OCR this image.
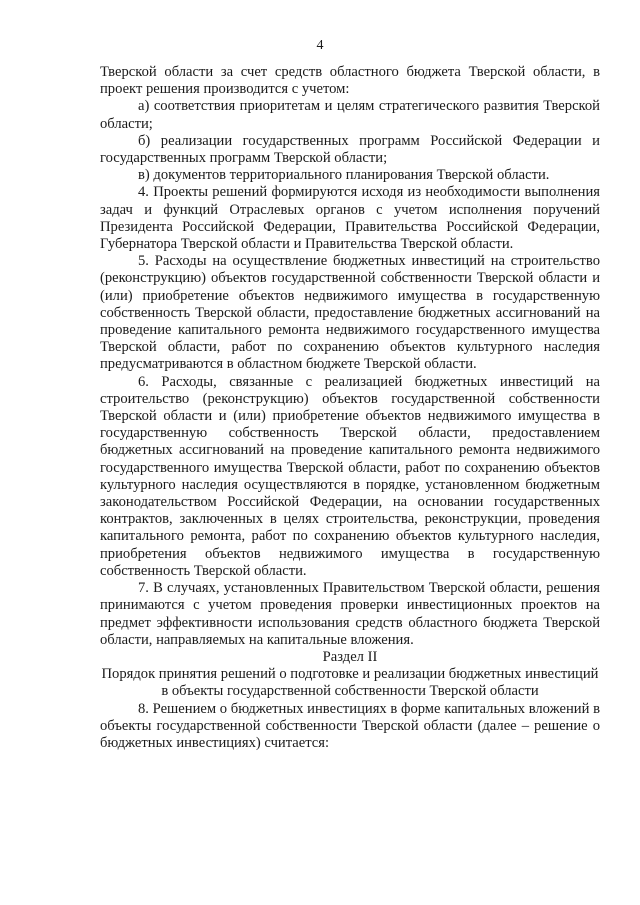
4

Тверской области за счет средств областного бюджета Тверской области, в проект решения производится с учетом:

а) соответствия приоритетам и целям стратегического развития Тверской области;

б) реализации государственных программ Российской Федерации и государственных программ Тверской области;

в) документов территориального планирования Тверской области.

4. Проекты решений формируются исходя из необходимости выполнения задач и функций Отраслевых органов с учетом исполнения поручений Президента Российской Федерации, Правительства Российской Федерации, Губернатора Тверской области и Правительства Тверской области.

5. Расходы на осуществление бюджетных инвестиций на строительство (реконструкцию) объектов государственной собственности Тверской области и (или) приобретение объектов недвижимого имущества в государственную собственность Тверской области, предоставление бюджетных ассигнований на проведение капитального ремонта недвижимого государственного имущества Тверской области, работ по сохранению объектов культурного наследия предусматриваются в областном бюджете Тверской области.

6. Расходы, связанные с реализацией бюджетных инвестиций на строительство (реконструкцию) объектов государственной собственности Тверской области и (или) приобретение объектов недвижимого имущества в государственную собственность Тверской области, предоставлением бюджетных ассигнований на проведение капитального ремонта недвижимого государственного имущества Тверской области, работ по сохранению объектов культурного наследия осуществляются в порядке, установленном бюджетным законодательством Российской Федерации, на основании государственных контрактов, заключенных в целях строительства, реконструкции, проведения капитального ремонта, работ по сохранению объектов культурного наследия, приобретения объектов недвижимого имущества в государственную собственность Тверской области.

7. В случаях, установленных Правительством Тверской области, решения принимаются с учетом проведения проверки инвестиционных проектов на предмет эффективности использования средств областного бюджета Тверской области, направляемых на капитальные вложения.

Раздел II

Порядок принятия решений о подготовке и реализации бюджетных инвестиций в объекты государственной собственности Тверской области

8. Решением о бюджетных инвестициях в форме капитальных вложений в объекты государственной собственности Тверской области (далее – решение о бюджетных инвестициях) считается:
